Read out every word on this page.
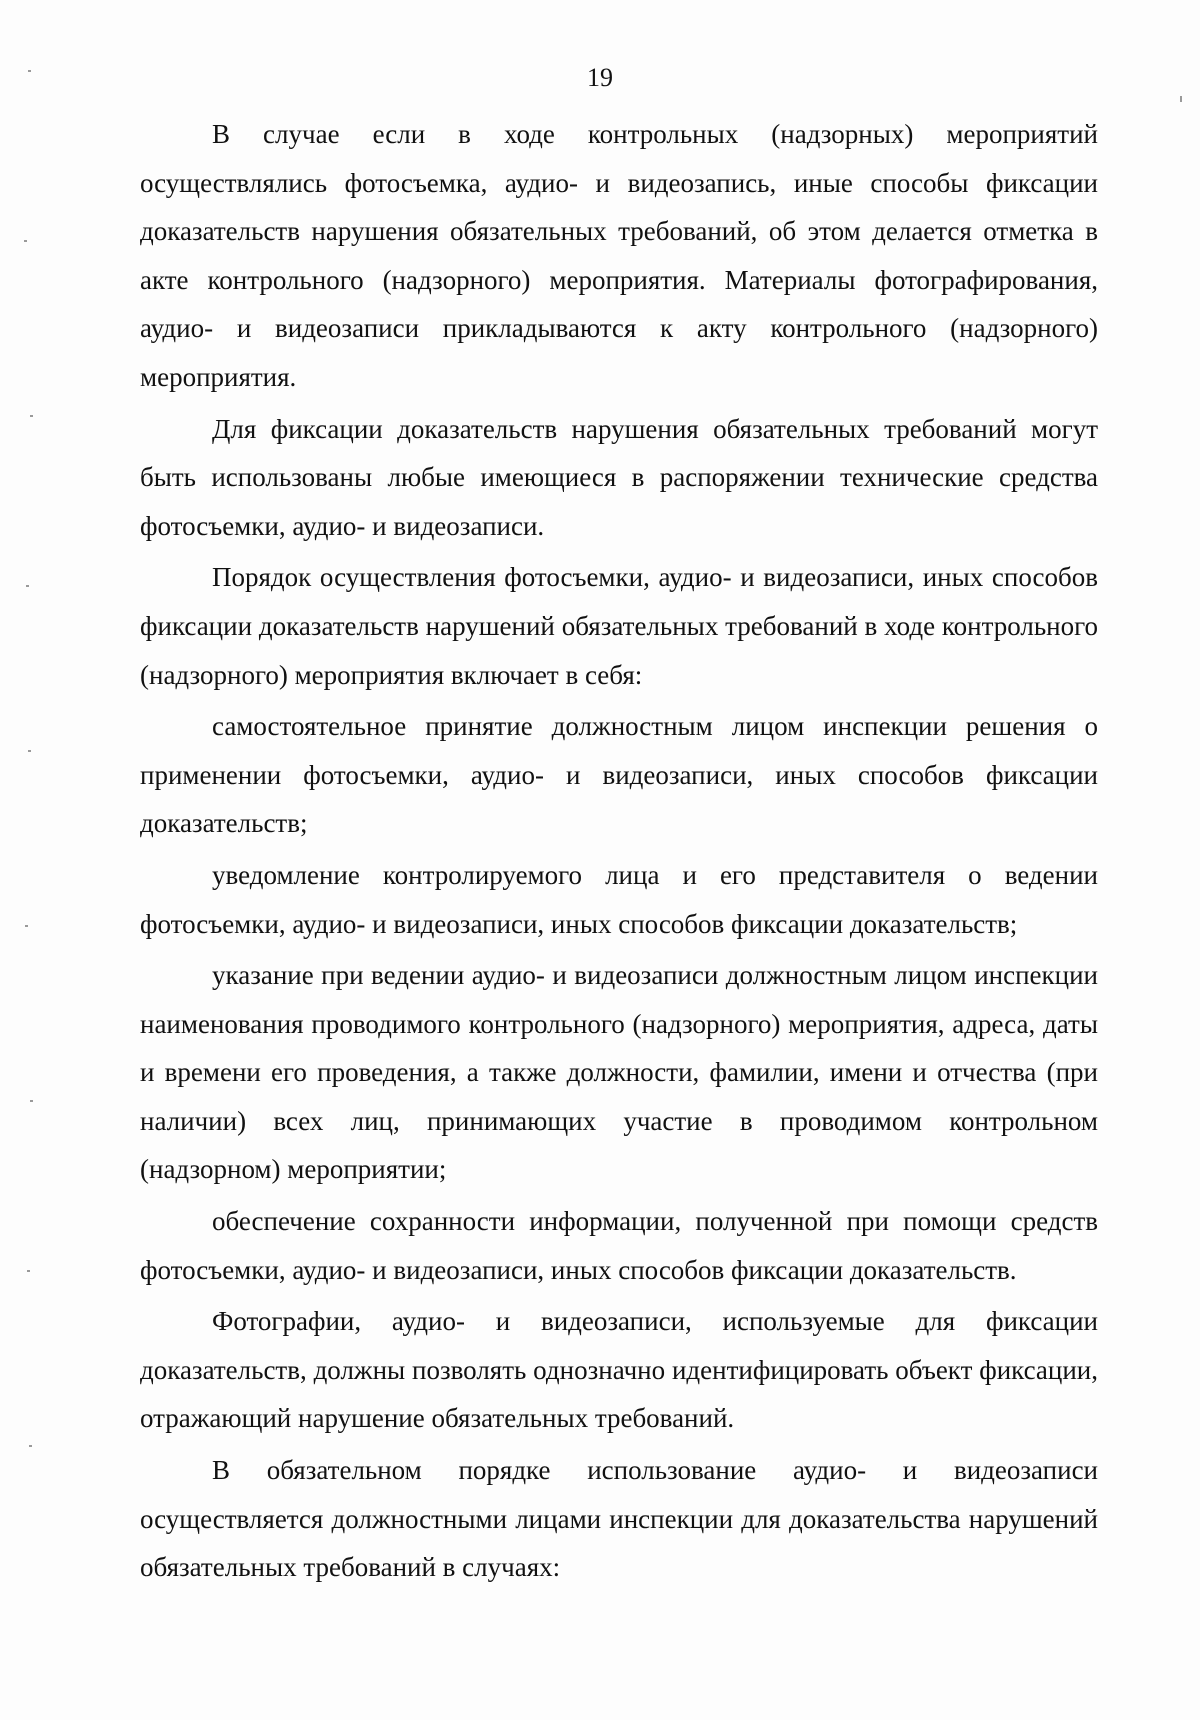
19

В случае если в ходе контрольных (надзорных) мероприятий осуществлялись фотосъемка, аудио- и видеозапись, иные способы фиксации доказательств нарушения обязательных требований, об этом делается отметка в акте контрольного (надзорного) мероприятия. Материалы фотографирования, аудио- и видеозаписи прикладываются к акту контрольного (надзорного) мероприятия.

Для фиксации доказательств нарушения обязательных требований могут быть использованы любые имеющиеся в распоряжении технические средства фотосъемки, аудио- и видеозаписи.

Порядок осуществления фотосъемки, аудио- и видеозаписи, иных способов фиксации доказательств нарушений обязательных требований в ходе контрольного (надзорного) мероприятия включает в себя:

самостоятельное принятие должностным лицом инспекции решения о применении фотосъемки, аудио- и видеозаписи, иных способов фиксации доказательств;

уведомление контролируемого лица и его представителя о ведении фотосъемки, аудио- и видеозаписи, иных способов фиксации доказательств;

указание при ведении аудио- и видеозаписи должностным лицом инспекции наименования проводимого контрольного (надзорного) мероприятия, адреса, даты и времени его проведения, а также должности, фамилии, имени и отчества (при наличии) всех лиц, принимающих участие в проводимом контрольном (надзорном) мероприятии;

обеспечение сохранности информации, полученной при помощи средств фотосъемки, аудио- и видеозаписи, иных способов фиксации доказательств.

Фотографии, аудио- и видеозаписи, используемые для фиксации доказательств, должны позволять однозначно идентифицировать объект фиксации, отражающий нарушение обязательных требований.

В обязательном порядке использование аудио- и видеозаписи осуществляется должностными лицами инспекции для доказательства нарушений обязательных требований в случаях:
